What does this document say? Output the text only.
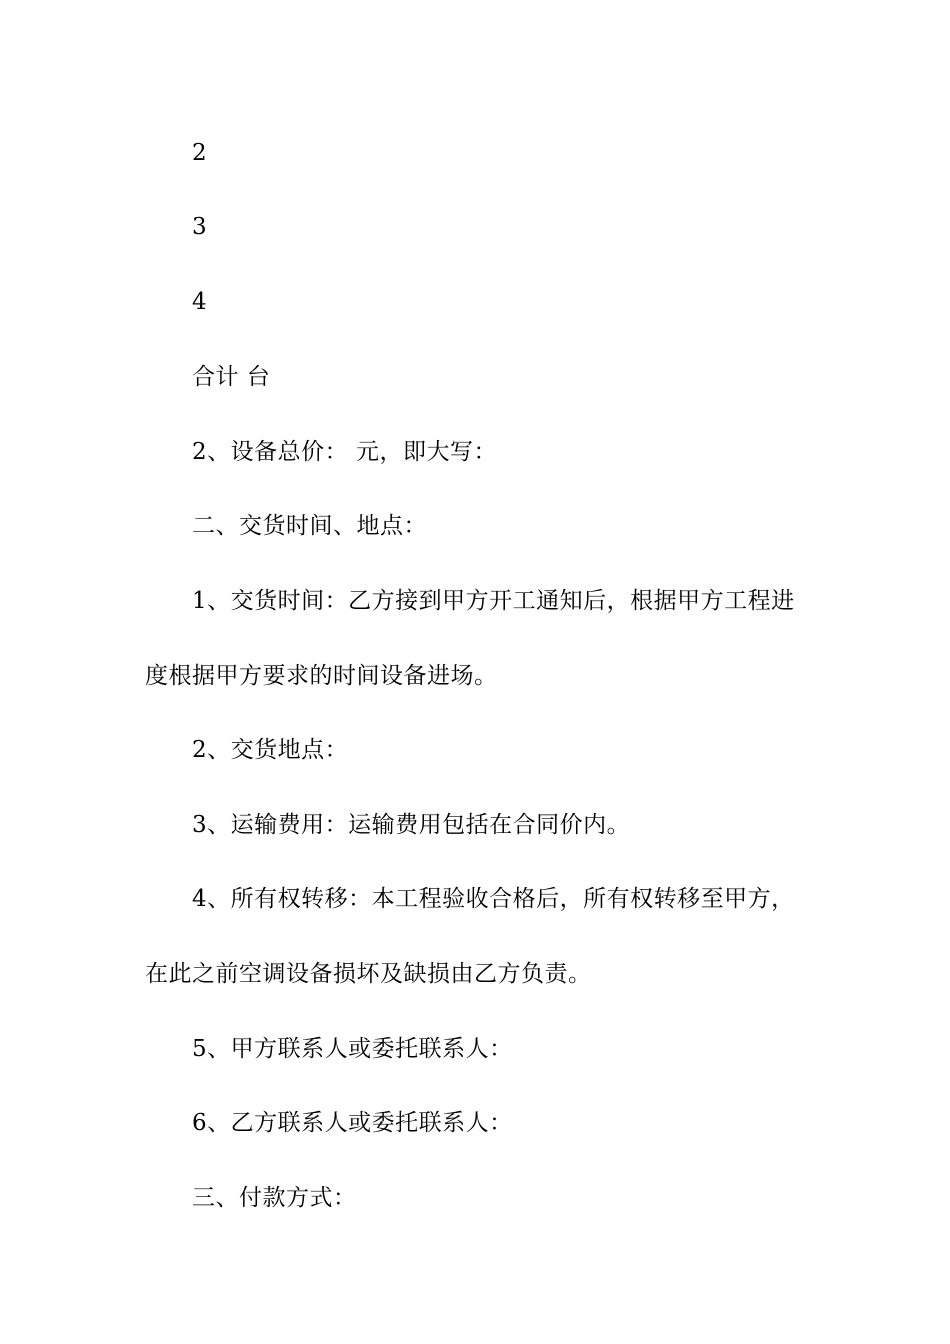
2
3
4
合计 台
2、设备总价： 元，即大写：
二、交货时间、地点：
1、交货时间：乙方接到甲方开工通知后，根据甲方工程进
度根据甲方要求的时间设备进场。
2、交货地点：
3、运输费用：运输费用包括在合同价内。
4、所有权转移：本工程验收合格后，所有权转移至甲方，
在此之前空调设备损坏及缺损由乙方负责。
5、甲方联系人或委托联系人：
6、乙方联系人或委托联系人：
三、付款方式：
